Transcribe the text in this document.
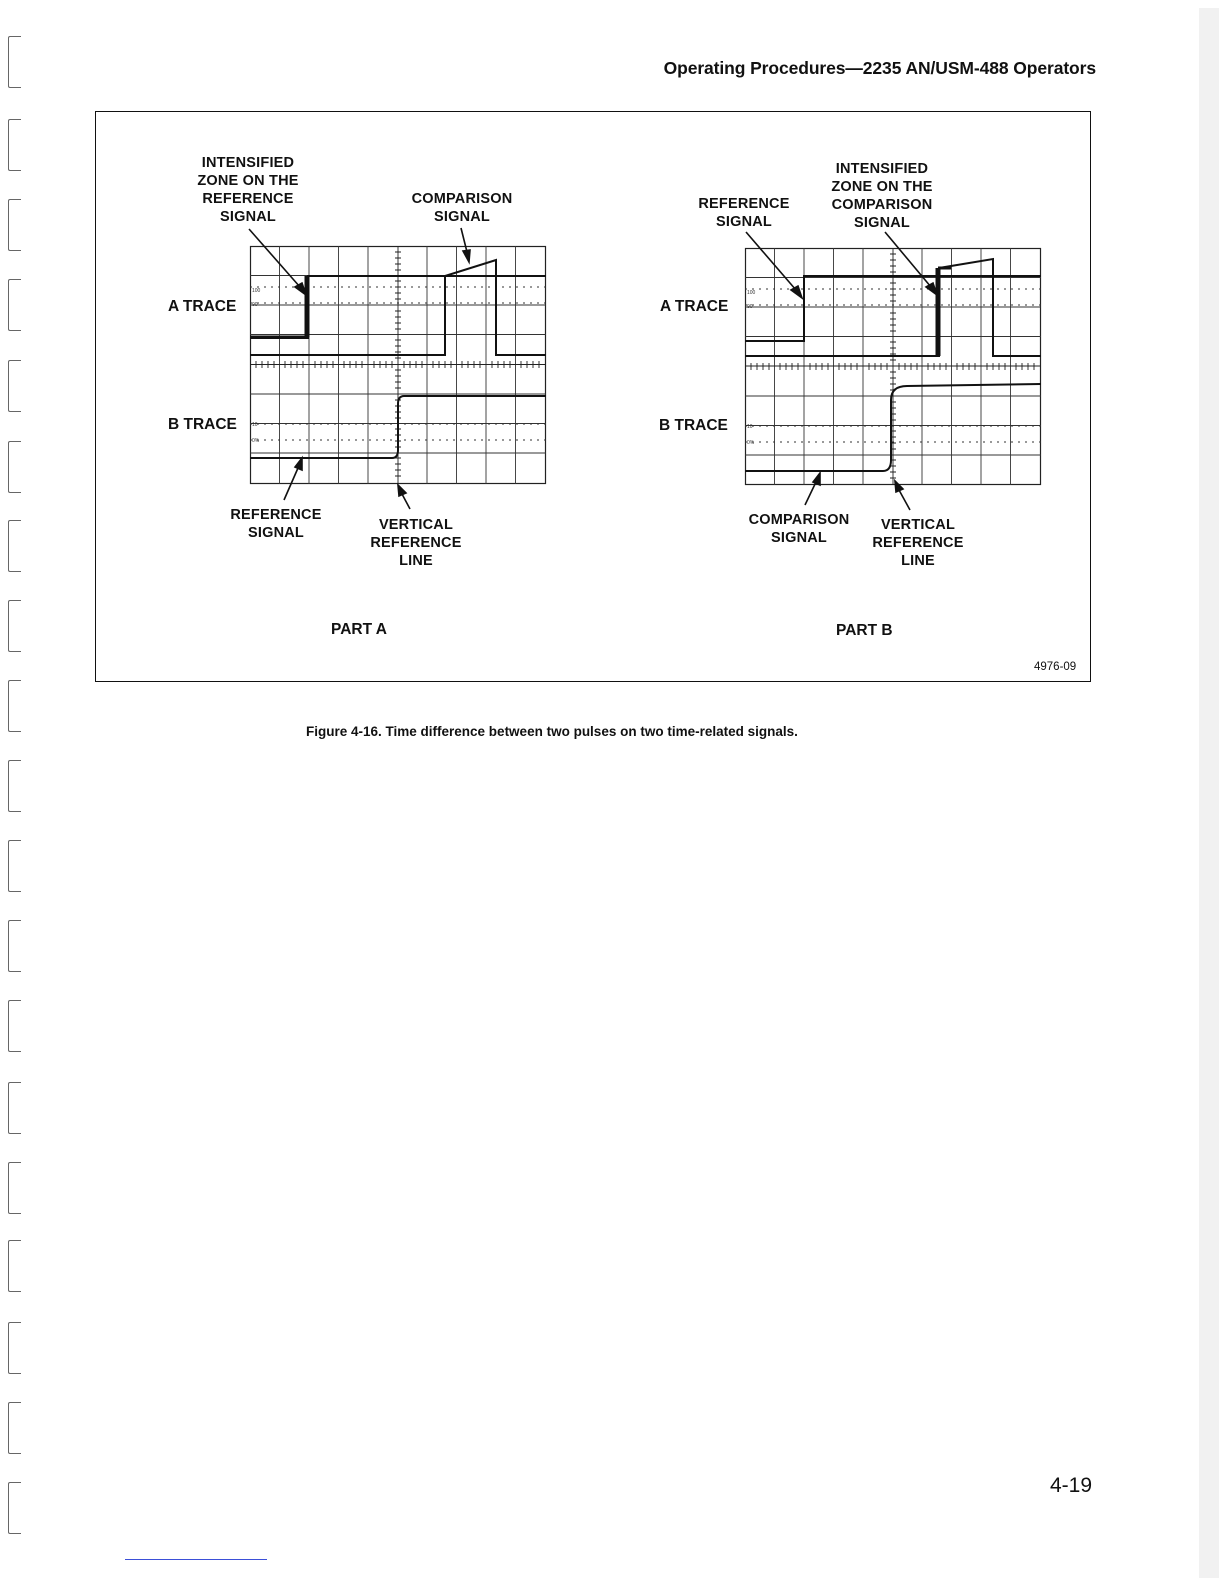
Operating Procedures—2235 AN/USM-488 Operators
INTENSIFIED
ZONE ON THE
REFERENCE
SIGNAL
COMPARISON
SIGNAL
A TRACE
B TRACE
REFERENCE
SIGNAL	VERTICAL
REFERENCE
LINE
PART A
100
90
10
0%
INTENSIFIED
ZONE ON THE
COMPARISON
SIGNAL
REFERENCE
SIGNAL
A TRACE
B TRACE
COMPARISON
SIGNAL
VERTICAL
REFERENCE
LINE
PART B
100
90
10
0%
4976-09
Figure 4-16. Time difference between two pulses on two time-related signals.
4-19
